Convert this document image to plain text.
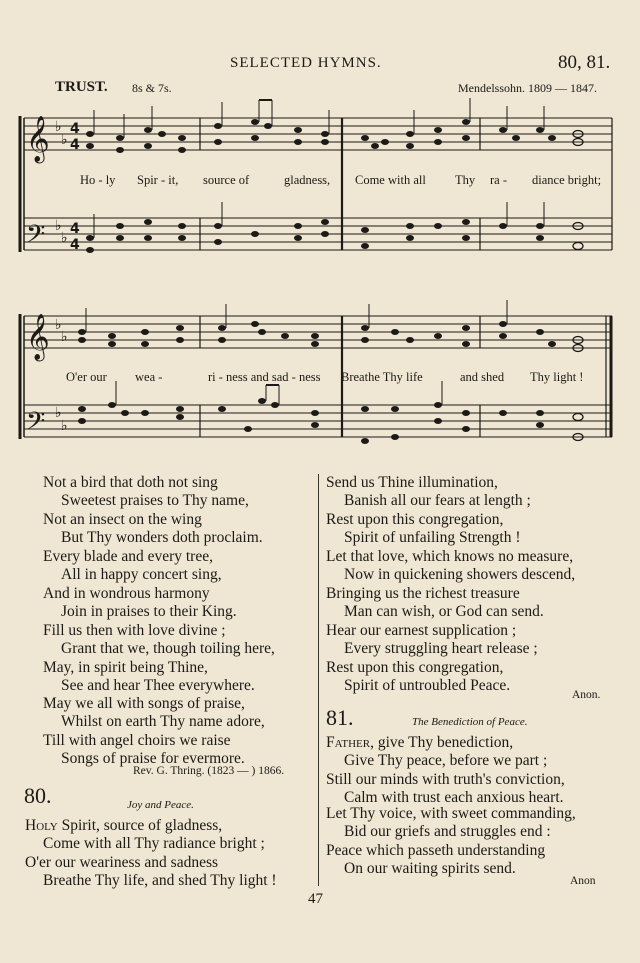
SELECTED HYMNS.	80, 81.
TRUST. 8s & 7s.	Mendelssohn. 1809 — 1847.
𝄞
𝄢
𝄞
𝄢
♭
♭
♭
♭
♭
♭
♭
♭
4
4
4
4
Ho - ly Spir - it, source of	gladness, Come with all Thy ra - diance bright;
O'er our wea -	ri - ness and sad - ness Breathe Thy life	and shed Thy light !
Not a bird that doth not sing
Sweetest praises to Thy name,
Not an insect on the wing
But Thy wonders doth proclaim.
Every blade and every tree,
All in happy concert sing,
And in wondrous harmony
Join in praises to their King.
Fill us then with love divine ;
Grant that we, though toiling here,
May, in spirit being Thine,
See and hear Thee everywhere.
May we all with songs of praise,
Whilst on earth Thy name adore,
Till with angel choirs we raise
Songs of praise for evermore.
Rev. G. Thring. (1823 — ) 1866.
80.	Joy and Peace.
Holy Spirit, source of gladness,
Come with all Thy radiance bright ;
O'er our weariness and sadness
Breathe Thy life, and shed Thy light !
Send us Thine illumination,
Banish all our fears at length ;
Rest upon this congregation,
Spirit of unfailing Strength !
Let that love, which knows no measure,
Now in quickening showers descend,
Bringing us the richest treasure
Man can wish, or God can send.
Hear our earnest supplication ;
Every struggling heart release ;
Rest upon this congregation,
Spirit of untroubled Peace.
Anon.
81.	The Benediction of Peace.
Father, give Thy benediction,
Give Thy peace, before we part ;
Still our minds with truth's conviction,
Calm with trust each anxious heart.
Let Thy voice, with sweet commanding,
Bid our griefs and struggles end :
Peace which passeth understanding
On our waiting spirits send.
Anon
47
